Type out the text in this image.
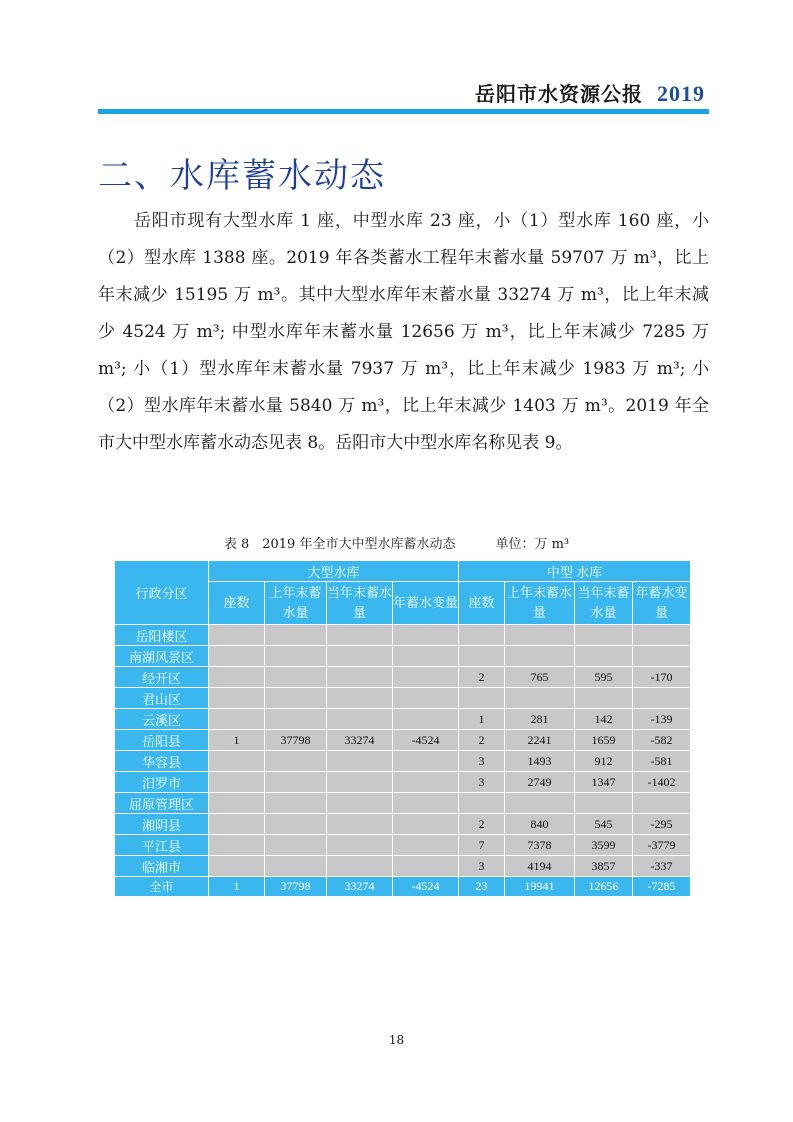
岳阳市水资源公报 2019
二、水库蓄水动态

岳阳市现有大型水库 1 座，中型水库 23 座，小（1）型水库 160 座，小（2）型水库 1388 座。2019 年各类蓄水工程年末蓄水量 59707 万 m³，比上年末减少 15195 万 m³。其中大型水库年末蓄水量 33274 万 m³，比上年末减少 4524 万 m³; 中型水库年末蓄水量 12656 万 m³，比上年末减少 7285 万 m³; 小（1）型水库年末蓄水量 7937 万 m³，比上年末减少 1983 万 m³; 小（2）型水库年末蓄水量 5840 万 m³，比上年末减少 1403 万 m³。2019 年全市大中型水库蓄水动态见表 8。岳阳市大中型水库名称见表 9。

表 8　2019 年全市大中型水库蓄水动态	单位：万 m³
行政分区	大型水库				中型 水库			
	座数	上年末蓄水量	当年末蓄水量	年蓄水变量	座数	上年末蓄水量	当年末蓄水量	年蓄水变量
岳阳楼区								
南湖风景区								
经开区					2	765	595	-170
君山区								
云溪区					1	281	142	-139
岳阳县	1	37798	33274	-4524	2	2241	1659	-582
华容县					3	1493	912	-581
汨罗市					3	2749	1347	-1402
屈原管理区								
湘阴县					2	840	545	-295
平江县					7	7378	3599	-3779
临湘市					3	4194	3857	-337
全市	1	37798	33274	-4524	23	19941	12656	-7285
18
